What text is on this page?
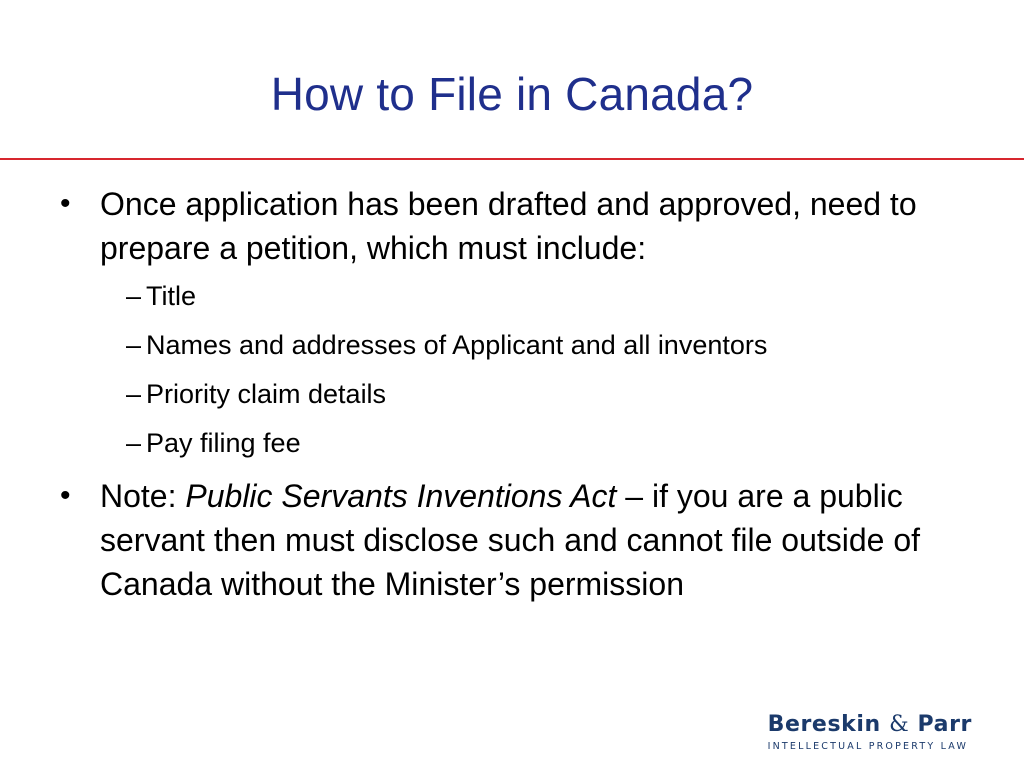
How to File in Canada?
• Once application has been drafted and approved, need to prepare a petition, which must include:
– Title
– Names and addresses of Applicant and all inventors
– Priority claim details
– Pay filing fee
• Note: Public Servants Inventions Act – if you are a public servant then must disclose such and cannot file outside of Canada without the Minister’s permission
Bereskin & Parr
INTELLECTUAL PROPERTY LAW
